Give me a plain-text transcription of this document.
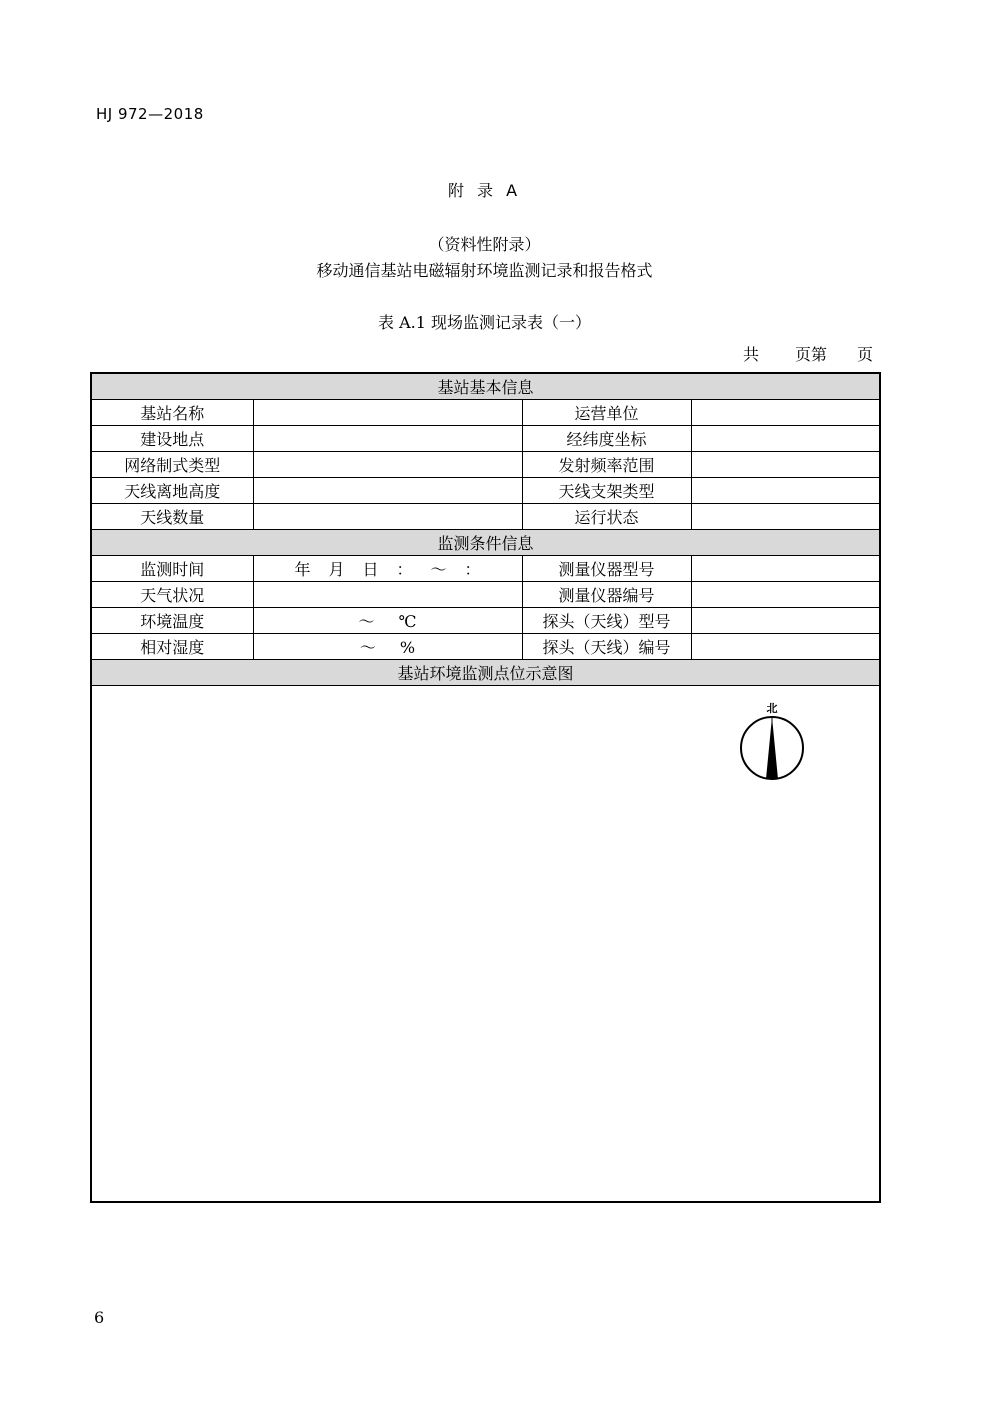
HJ 972—2018
附 录 A
（资料性附录）
移动通信基站电磁辐射环境监测记录和报告格式
表 A.1 现场监测记录表（一）
共 页第 页
基站基本信息			
基站名称		运营单位	
建设地点		经纬度坐标	
网络制式类型		发射频率范围	
天线离地高度		天线支架类型	
天线数量		运行状态	
监测条件信息			
监测时间	年 月 日 ： ～ ：	测量仪器型号	
天气状况		测量仪器编号	
环境温度	～ ℃	探头（天线）型号	
相对湿度	～ %	探头（天线）编号	
基站环境监测点位示意图			

北			
6
